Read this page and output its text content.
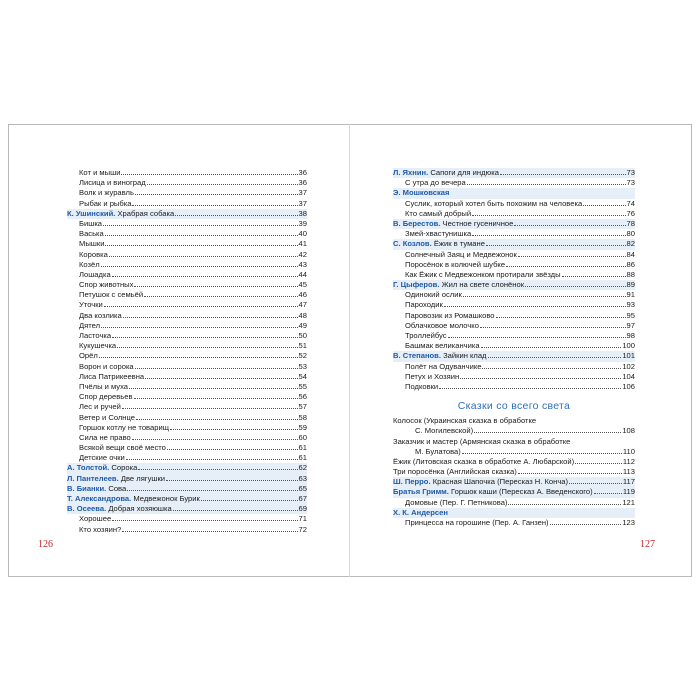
Кот и мыши	36
Лисица и виноград	36
Волк и журавль	37
Рыбак и рыбка	37
К. Ушинский. Храбрая собака	38
Бишка	39
Васька	40
Мышки	41
Коровка	42
Козёл	43
Лошадка	44
Спор животных	45
Петушок с семьёй	46
Уточки	47
Два козлика	48
Дятел	49
Ласточка	50
Кукушечка	51
Орёл	52
Ворон и сорока	53
Лиса Патрикеевна	54
Пчёлы и муха	55
Спор деревьев	56
Лес и ручей	57
Ветер и Солнце	58
Горшок котлу не товарищ	59
Сила не право	60
Всякой вещи своё место	61
Детские очки	61
А. Толстой. Сорока	62
Л. Пантелеев. Две лягушки	63
В. Бианки. Сова	65
Т. Александрова. Медвежонок Бурик	67
В. Осеева. Добрая хозяюшка	69
Хорошее	71
Кто хозяин?	72
Л. Яхнин. Сапоги для индюка	73
С утра до вечера	73
Э. Мошковская
Суслик, который хотел быть похожим на человека	74
Кто самый добрый	76
В. Берестов. Честное гусеничное	78
Змей-хвастунишка	80
С. Козлов. Ёжик в тумане	82
Солнечный Заяц и Медвежонок	84
Поросёнок в колючей шубке	86
Как Ёжик с Медвежонком протирали звёзды	88
Г. Цыферов. Жил на свете слонёнок	89
Одинокий ослик	91
Пароходик	93
Паровозик из Ромашково	95
Облачковое молочко	97
Троллейбус	98
Башмак великанчика	100
В. Степанов. Зайкин клад	101
Полёт на Одуванчике	102
Петух и Хозяин	104
Подковки	106
Сказки со всего света
Колосок (Украинская сказка в обработке
С. Могилевской)	108
Заказчик и мастер (Армянская сказка в обработке
М. Булатова)	110
Ёжик (Литовская сказка в обработке А. Любарской)	112
Три поросёнка (Английская сказка)	113
Ш. Перро. Красная Шапочка (Пересказ Н. Конча)	117
Братья Гримм. Горшок каши (Пересказ А. Введенского)	119
Домовые (Пер. Г. Петникова)	121
Х. К. Андерсен
Принцесса на горошине (Пер. А. Ганзен)	123
126	127
